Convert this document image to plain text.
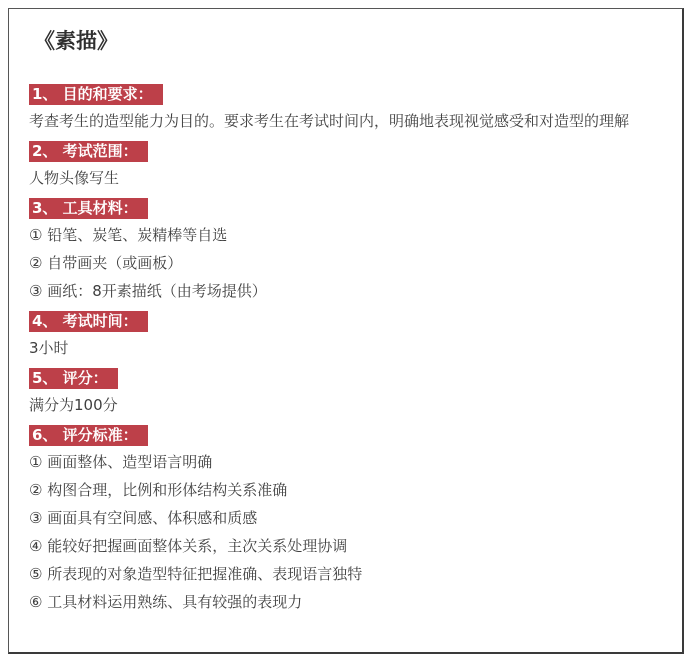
《素描》
1、 目的和要求：
考查考生的造型能力为目的。要求考生在考试时间内，明确地表现视觉感受和对造型的理解
2、 考试范围：
人物头像写生
3、 工具材料：
① 铅笔、炭笔、炭精棒等自选
② 自带画夹（或画板）
③ 画纸：8开素描纸（由考场提供）
4、 考试时间：
3小时
5、 评分：
满分为100分
6、 评分标准：
① 画面整体、造型语言明确
② 构图合理，比例和形体结构关系准确
③ 画面具有空间感、体积感和质感
④ 能较好把握画面整体关系，主次关系处理协调
⑤ 所表现的对象造型特征把握准确、表现语言独特
⑥ 工具材料运用熟练、具有较强的表现力
